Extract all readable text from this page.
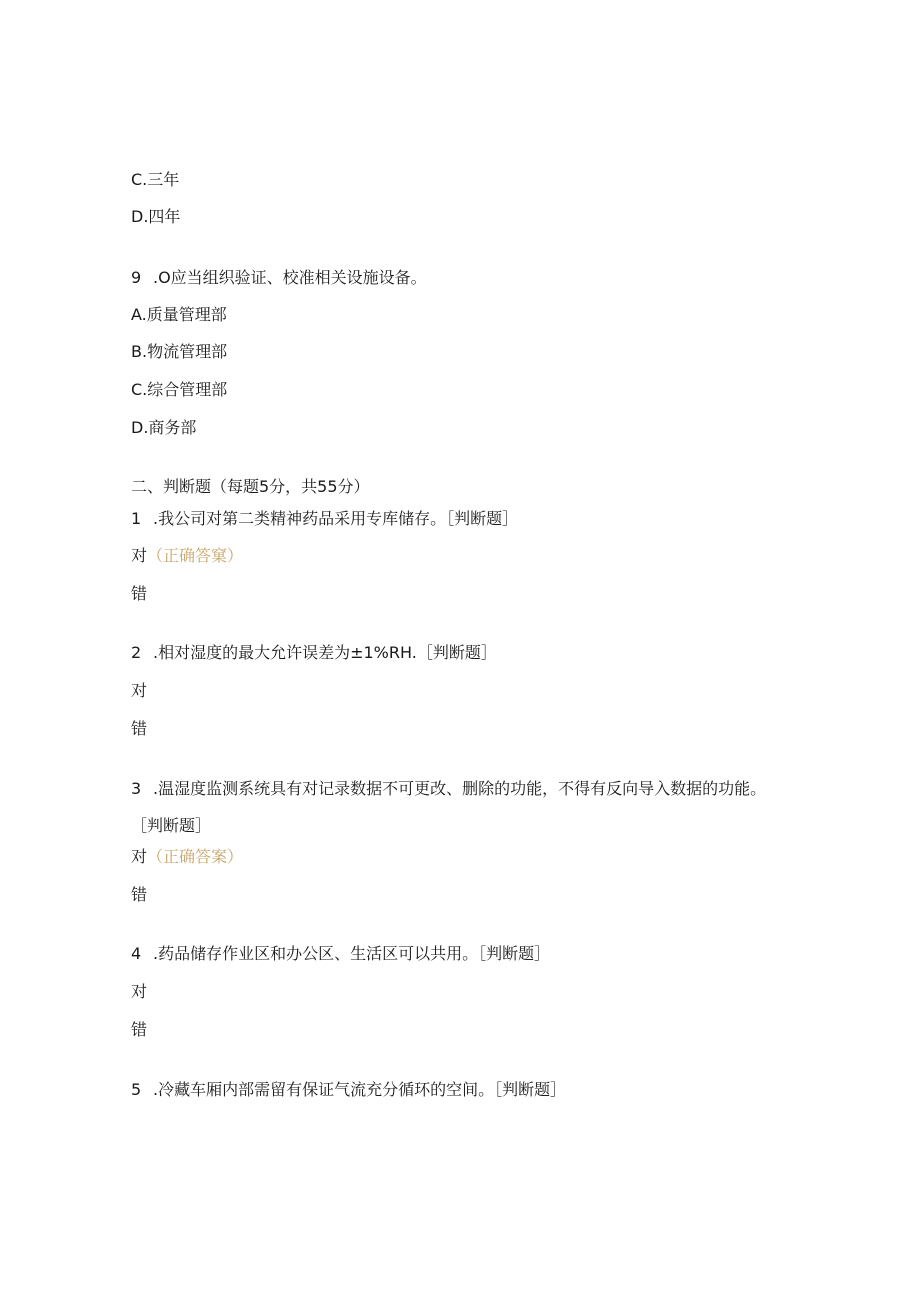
C.三年
D.四年
9 .O应当组织验证、校准相关设施设备。
A.质量管理部
B.物流管理部
C.综合管理部
D.商务部
二、判断题（每题5分，共55分）
1 .我公司对第二类精神药品采用专库储存。［判断题］
对（正确答窠）
错
2 .相对湿度的最大允许误差为±1%RH.［判断题］
对
错
3 .温湿度监测系统具有对记录数据不可更改、删除的功能，不得有反向导入数据的功能。［判断题］
对（正确答案）
错
4 .药品储存作业区和办公区、生活区可以共用。［判断题］
对
错
5 .冷藏车厢内部需留有保证气流充分循环的空间。［判断题］
